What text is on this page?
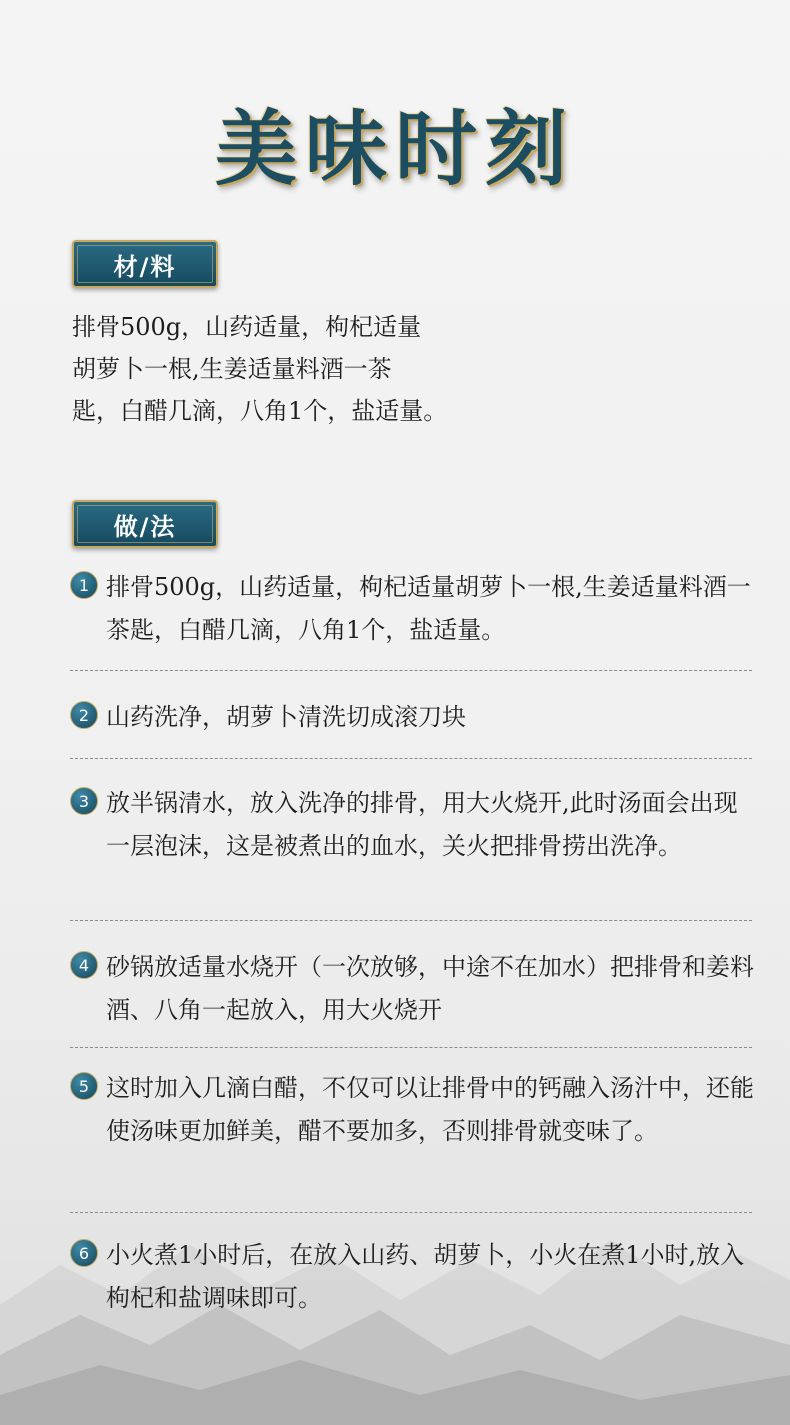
美味时刻
材/料
排骨500g，山药适量，枸杞适量
胡萝卜一根,生姜适量料酒一茶
匙，白醋几滴，八角1个，盐适量。
做/法
1 排骨500g，山药适量，枸杞适量胡萝卜一根,生姜适量料酒一茶匙，白醋几滴，八角1个，盐适量。
2 山药洗净，胡萝卜清洗切成滚刀块
3 放半锅清水，放入洗净的排骨，用大火烧开,此时汤面会出现一层泡沫，这是被煮出的血水，关火把排骨捞出洗净。
4 砂锅放适量水烧开（一次放够，中途不在加水）把排骨和姜料酒、八角一起放入，用大火烧开
5 这时加入几滴白醋，不仅可以让排骨中的钙融入汤汁中，还能使汤味更加鲜美，醋不要加多，否则排骨就变味了。
6 小火煮1小时后，在放入山药、胡萝卜，小火在煮1小时,放入枸杞和盐调味即可。
